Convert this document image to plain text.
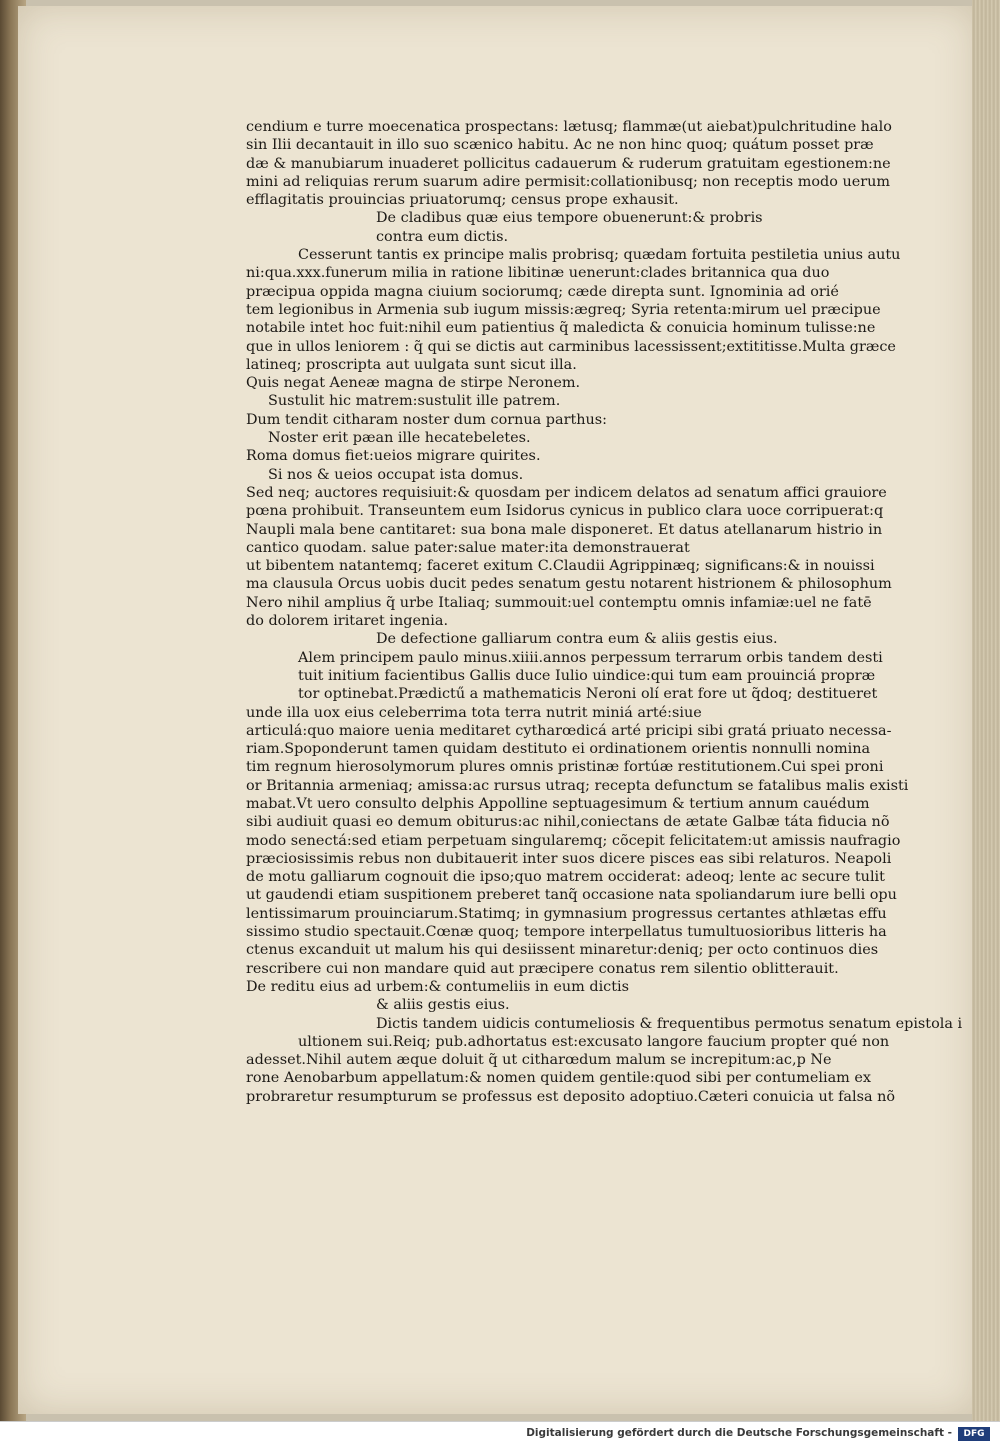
cendium e turre moecenatica prospectans: lætusq; flammæ(ut aiebat)pulchritudine halo
sin Ilii decantauit in illo suo scænico habitu. Ac ne non hinc quoq; quátum posset præ
dæ & manubiarum inuaderet pollicitus cadauerum & ruderum gratuitam egestionem:ne
mini ad reliquias rerum suarum adire permisit:collationibusq; non receptis modo uerum
efflagitatis prouincias priuatorumq; census prope exhausit.
De cladibus quæ eius tempore obuenerunt:& probris
contra eum dictis.
Cesserunt tantis ex principe malis probrisq; quædam fortuita pestiletia unius autu
ni:qua.xxx.funerum milia in ratione libitinæ uenerunt:clades britannica qua duo
præcipua oppida magna ciuium sociorumq; cæde direpta sunt. Ignominia ad orié
tem legionibus in Armenia sub iugum missis:ægreq; Syria retenta:mirum uel præcipue
notabile intet hoc fuit:nihil eum patientius q̃ maledicta & conuicia hominum tulisse:ne
que in ullos leniorem : q̃ qui se dictis aut carminibus lacessissent;extititisse.Multa græce
latineq; proscripta aut uulgata sunt sicut illa.
Quis negat Aeneæ magna de stirpe Neronem.
Sustulit hic matrem:sustulit ille patrem.
Dum tendit citharam noster dum cornua parthus:
Noster erit pæan ille hecatebeletes.
Roma domus fiet:ueios migrare quirites.
Si nos & ueios occupat ista domus.
Sed neq; auctores requisiuit:& quosdam per indicem delatos ad senatum affici grauiore
pœna prohibuit. Transeuntem eum Isidorus cynicus in publico clara uoce corripuerat:q
Naupli mala bene cantitaret: sua bona male disponeret. Et datus atellanarum histrio in
cantico quodam. salue pater:salue mater:ita demonstrauerat
ut bibentem natantemq; faceret exitum C.Claudii Agrippinæq; significans:& in nouissi
ma clausula Orcus uobis ducit pedes senatum gestu notarent histrionem & philosophum
Nero nihil amplius q̃ urbe Italiaq; summouit:uel contemptu omnis infamiæ:uel ne fatē
do dolorem iritaret ingenia.
De defectione galliarum contra eum & aliis gestis eius.
Alem principem paulo minus.xiiii.annos perpessum terrarum orbis tandem desti
tuit initium facientibus Gallis duce Iulio uindice:qui tum eam prouinciá propræ
tor optinebat.Prædictű a mathematicis Neroni olí erat fore ut q̃doq; destitueret
unde illa uox eius celeberrima tota terra nutrit miniá arté:siue
articulá:quo maiore uenia meditaret cytharœdicá arté pricipi sibi gratá priuato necessa-
riam.Spoponderunt tamen quidam destituto ei ordinationem orientis nonnulli nomina
tim regnum hierosolymorum plures omnis pristinæ fortúæ restitutionem.Cui spei proni
or Britannia armeniaq; amissa:ac rursus utraq; recepta defunctum se fatalibus malis existi
mabat.Vt uero consulto delphis Appolline septuagesimum & tertium annum cauédum
sibi audiuit quasi eo demum obiturus:ac nihil,coniectans de ætate Galbæ táta fiducia nõ
modo senectá:sed etiam perpetuam singularemq; cõcepit felicitatem:ut amissis naufragio
præciosissimis rebus non dubitauerit inter suos dicere pisces eas sibi relaturos. Neapoli
de motu galliarum cognouit die ipso;quo matrem occiderat: adeoq; lente ac secure tulit
ut gaudendi etiam suspitionem preberet tanq̃ occasione nata spoliandarum iure belli opu
lentissimarum prouinciarum.Statimq; in gymnasium progressus certantes athlætas effu
sissimo studio spectauit.Cœnæ quoq; tempore interpellatus tumultuosioribus litteris ha
ctenus excanduit ut malum his qui desiissent minaretur:deniq; per octo continuos dies
rescribere cui non mandare quid aut præcipere conatus rem silentio oblitterauit.
De reditu eius ad urbem:& contumeliis in eum dictis
& aliis gestis eius.
Dictis tandem uidicis contumeliosis & frequentibus permotus senatum epistola i
ultionem sui.Reiq; pub.adhortatus est:excusato langore faucium propter qué non
adesset.Nihil autem æque doluit q̃ ut citharœdum malum se increpitum:ac,p Ne
rone Aenobarbum appellatum:& nomen quidem gentile:quod sibi per contumeliam ex
probraretur resumpturum se professus est deposito adoptiuo.Cæteri conuicia ut falsa nõ
Digitalisierung gefördert durch die Deutsche Forschungsgemeinschaft -	DFG
